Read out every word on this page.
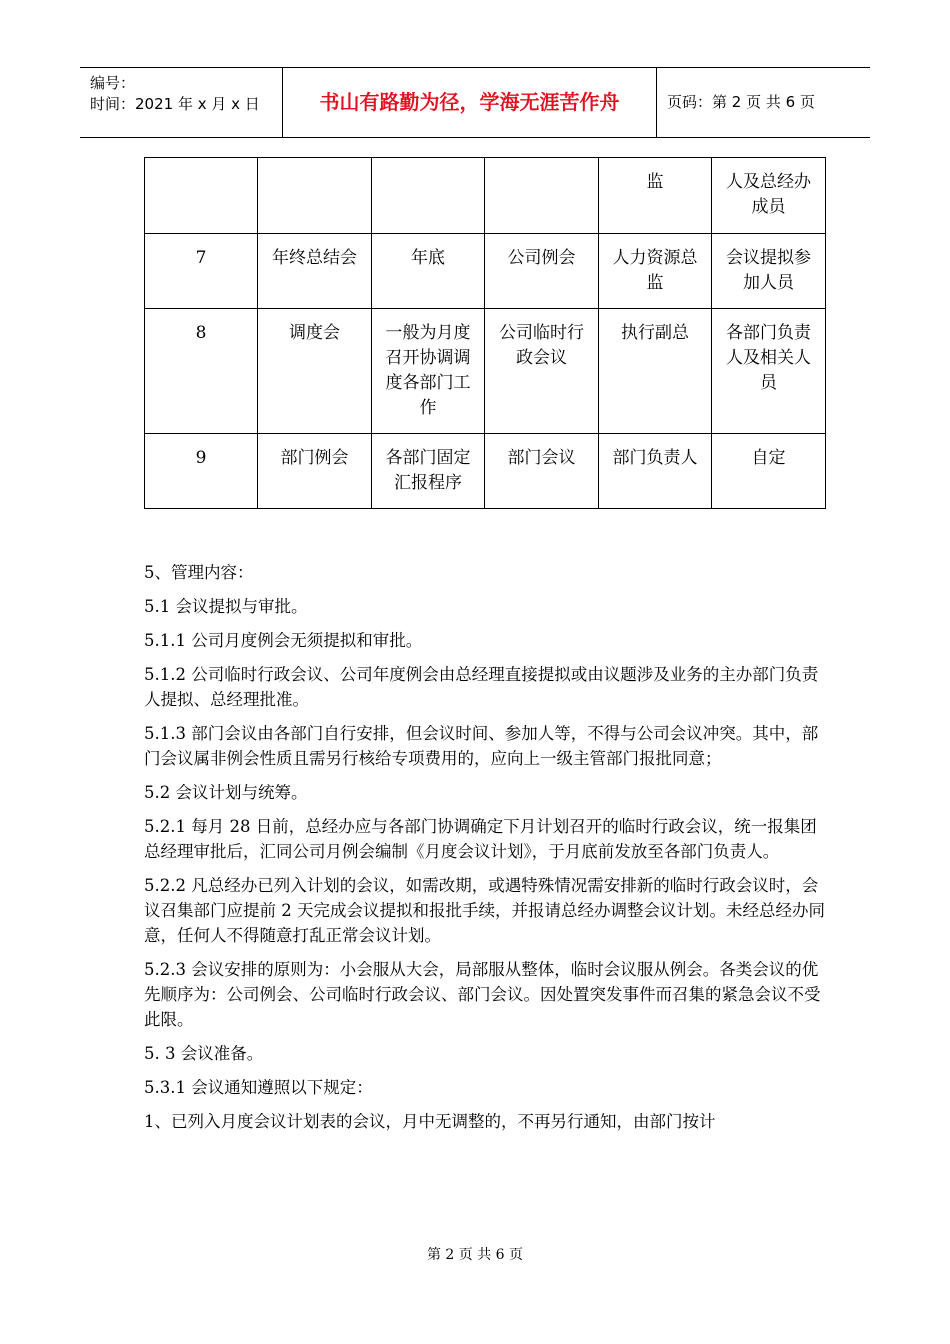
编号：
时间：2021 年 x 月 x 日	书山有路勤为径，学海无涯苦作舟	页码：第 2 页 共 6 页
				监	人及总经办成员
7	年终总结会	年底	公司例会	人力资源总监	会议提拟参加人员
8	调度会	一般为月度召开协调调度各部门工作	公司临时行政会议	执行副总	各部门负责人及相关人员
9	部门例会	各部门固定汇报程序	部门会议	部门负责人	自定

5、管理内容：

5.1 会议提拟与审批。

5.1.1 公司月度例会无须提拟和审批。

5.1.2 公司临时行政会议、公司年度例会由总经理直接提拟或由议题涉及业务的主办部门负责人提拟、总经理批准。

5.1.3 部门会议由各部门自行安排，但会议时间、参加人等，不得与公司会议冲突。其中，部门会议属非例会性质且需另行核给专项费用的，应向上一级主管部门报批同意；

5.2 会议计划与统筹。

5.2.1 每月 28 日前，总经办应与各部门协调确定下月计划召开的临时行政会议，统一报集团总经理审批后，汇同公司月例会编制《月度会议计划》，于月底前发放至各部门负责人。

5.2.2 凡总经办已列入计划的会议，如需改期，或遇特殊情况需安排新的临时行政会议时，会议召集部门应提前 2 天完成会议提拟和报批手续，并报请总经办调整会议计划。未经总经办同意，任何人不得随意打乱正常会议计划。

5.2.3 会议安排的原则为：小会服从大会，局部服从整体，临时会议服从例会。各类会议的优先顺序为：公司例会、公司临时行政会议、部门会议。因处置突发事件而召集的紧急会议不受此限。

5. 3 会议准备。

5.3.1 会议通知遵照以下规定：

1、已列入月度会议计划表的会议，月中无调整的，不再另行通知，由部门按计

第 2 页 共 6 页
